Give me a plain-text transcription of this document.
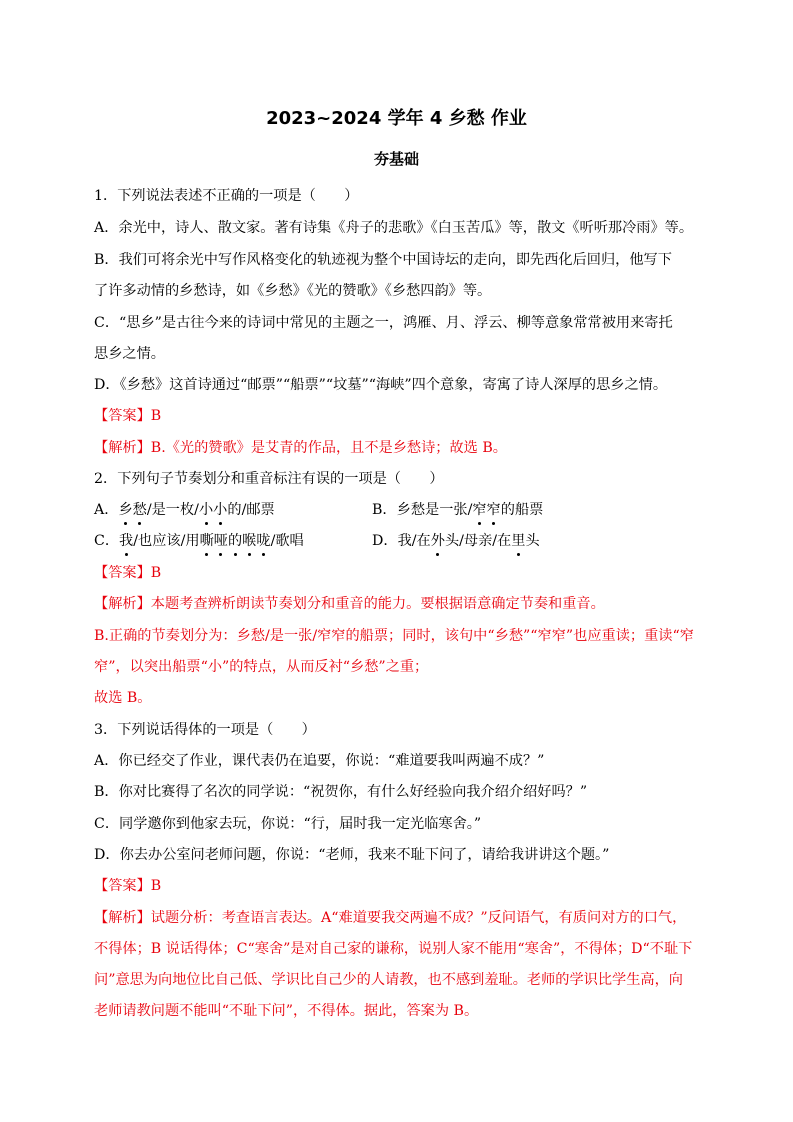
2023~2024 学年 4 乡愁 作业
夯基础
1．下列说法表述不正确的一项是（　　）
A．余光中，诗人、散文家。著有诗集《舟子的悲歌》《白玉苦瓜》等，散文《听听那冷雨》等。
B．我们可将余光中写作风格变化的轨迹视为整个中国诗坛的走向，即先西化后回归，他写下
了许多动情的乡愁诗，如《乡愁》《光的赞歌》《乡愁四韵》等。
C．“思乡”是古往今来的诗词中常见的主题之一，鸿雁、月、浮云、柳等意象常常被用来寄托
思乡之情。
D．《乡愁》这首诗通过“邮票”“船票”“坟墓”“海峡”四个意象，寄寓了诗人深厚的思乡之情。
【答案】B
【解析】B.《光的赞歌》是艾青的作品，且不是乡愁诗；故选 B。
2．下列句子节奏划分和重音标注有误的一项是（　　）
A．乡愁/是一枚/小小的/邮票	B．乡愁是一张/窄窄的船票
C．我/也应该/用嘶哑的喉咙/歌唱	D．我/在外头/母亲/在里头
【答案】B
【解析】本题考查辨析朗读节奏划分和重音的能力。要根据语意确定节奏和重音。
B.正确的节奏划分为：乡愁/是一张/窄窄的船票；同时，该句中“乡愁”“窄窄”也应重读；重读“窄
窄”，以突出船票“小”的特点，从而反衬“乡愁”之重；
故选 B。
3．下列说话得体的一项是（　　）
A．你已经交了作业，课代表仍在追要，你说：“难道要我叫两遍不成？”
B．你对比赛得了名次的同学说：“祝贺你，有什么好经验向我介绍介绍好吗？”
C．同学邀你到他家去玩，你说：“行，届时我一定光临寒舍。”
D．你去办公室问老师问题，你说：“老师，我来不耻下问了，请给我讲讲这个题。”
【答案】B
【解析】试题分析：考查语言表达。A“难道要我交两遍不成？”反问语气，有质问对方的口气，
不得体；B 说话得体；C“寒舍”是对自己家的谦称，说别人家不能用“寒舍”，不得体；D“不耻下
问”意思为向地位比自己低、学识比自己少的人请教，也不感到羞耻。老师的学识比学生高，向
老师请教问题不能叫“不耻下问”，不得体。据此，答案为 B。
